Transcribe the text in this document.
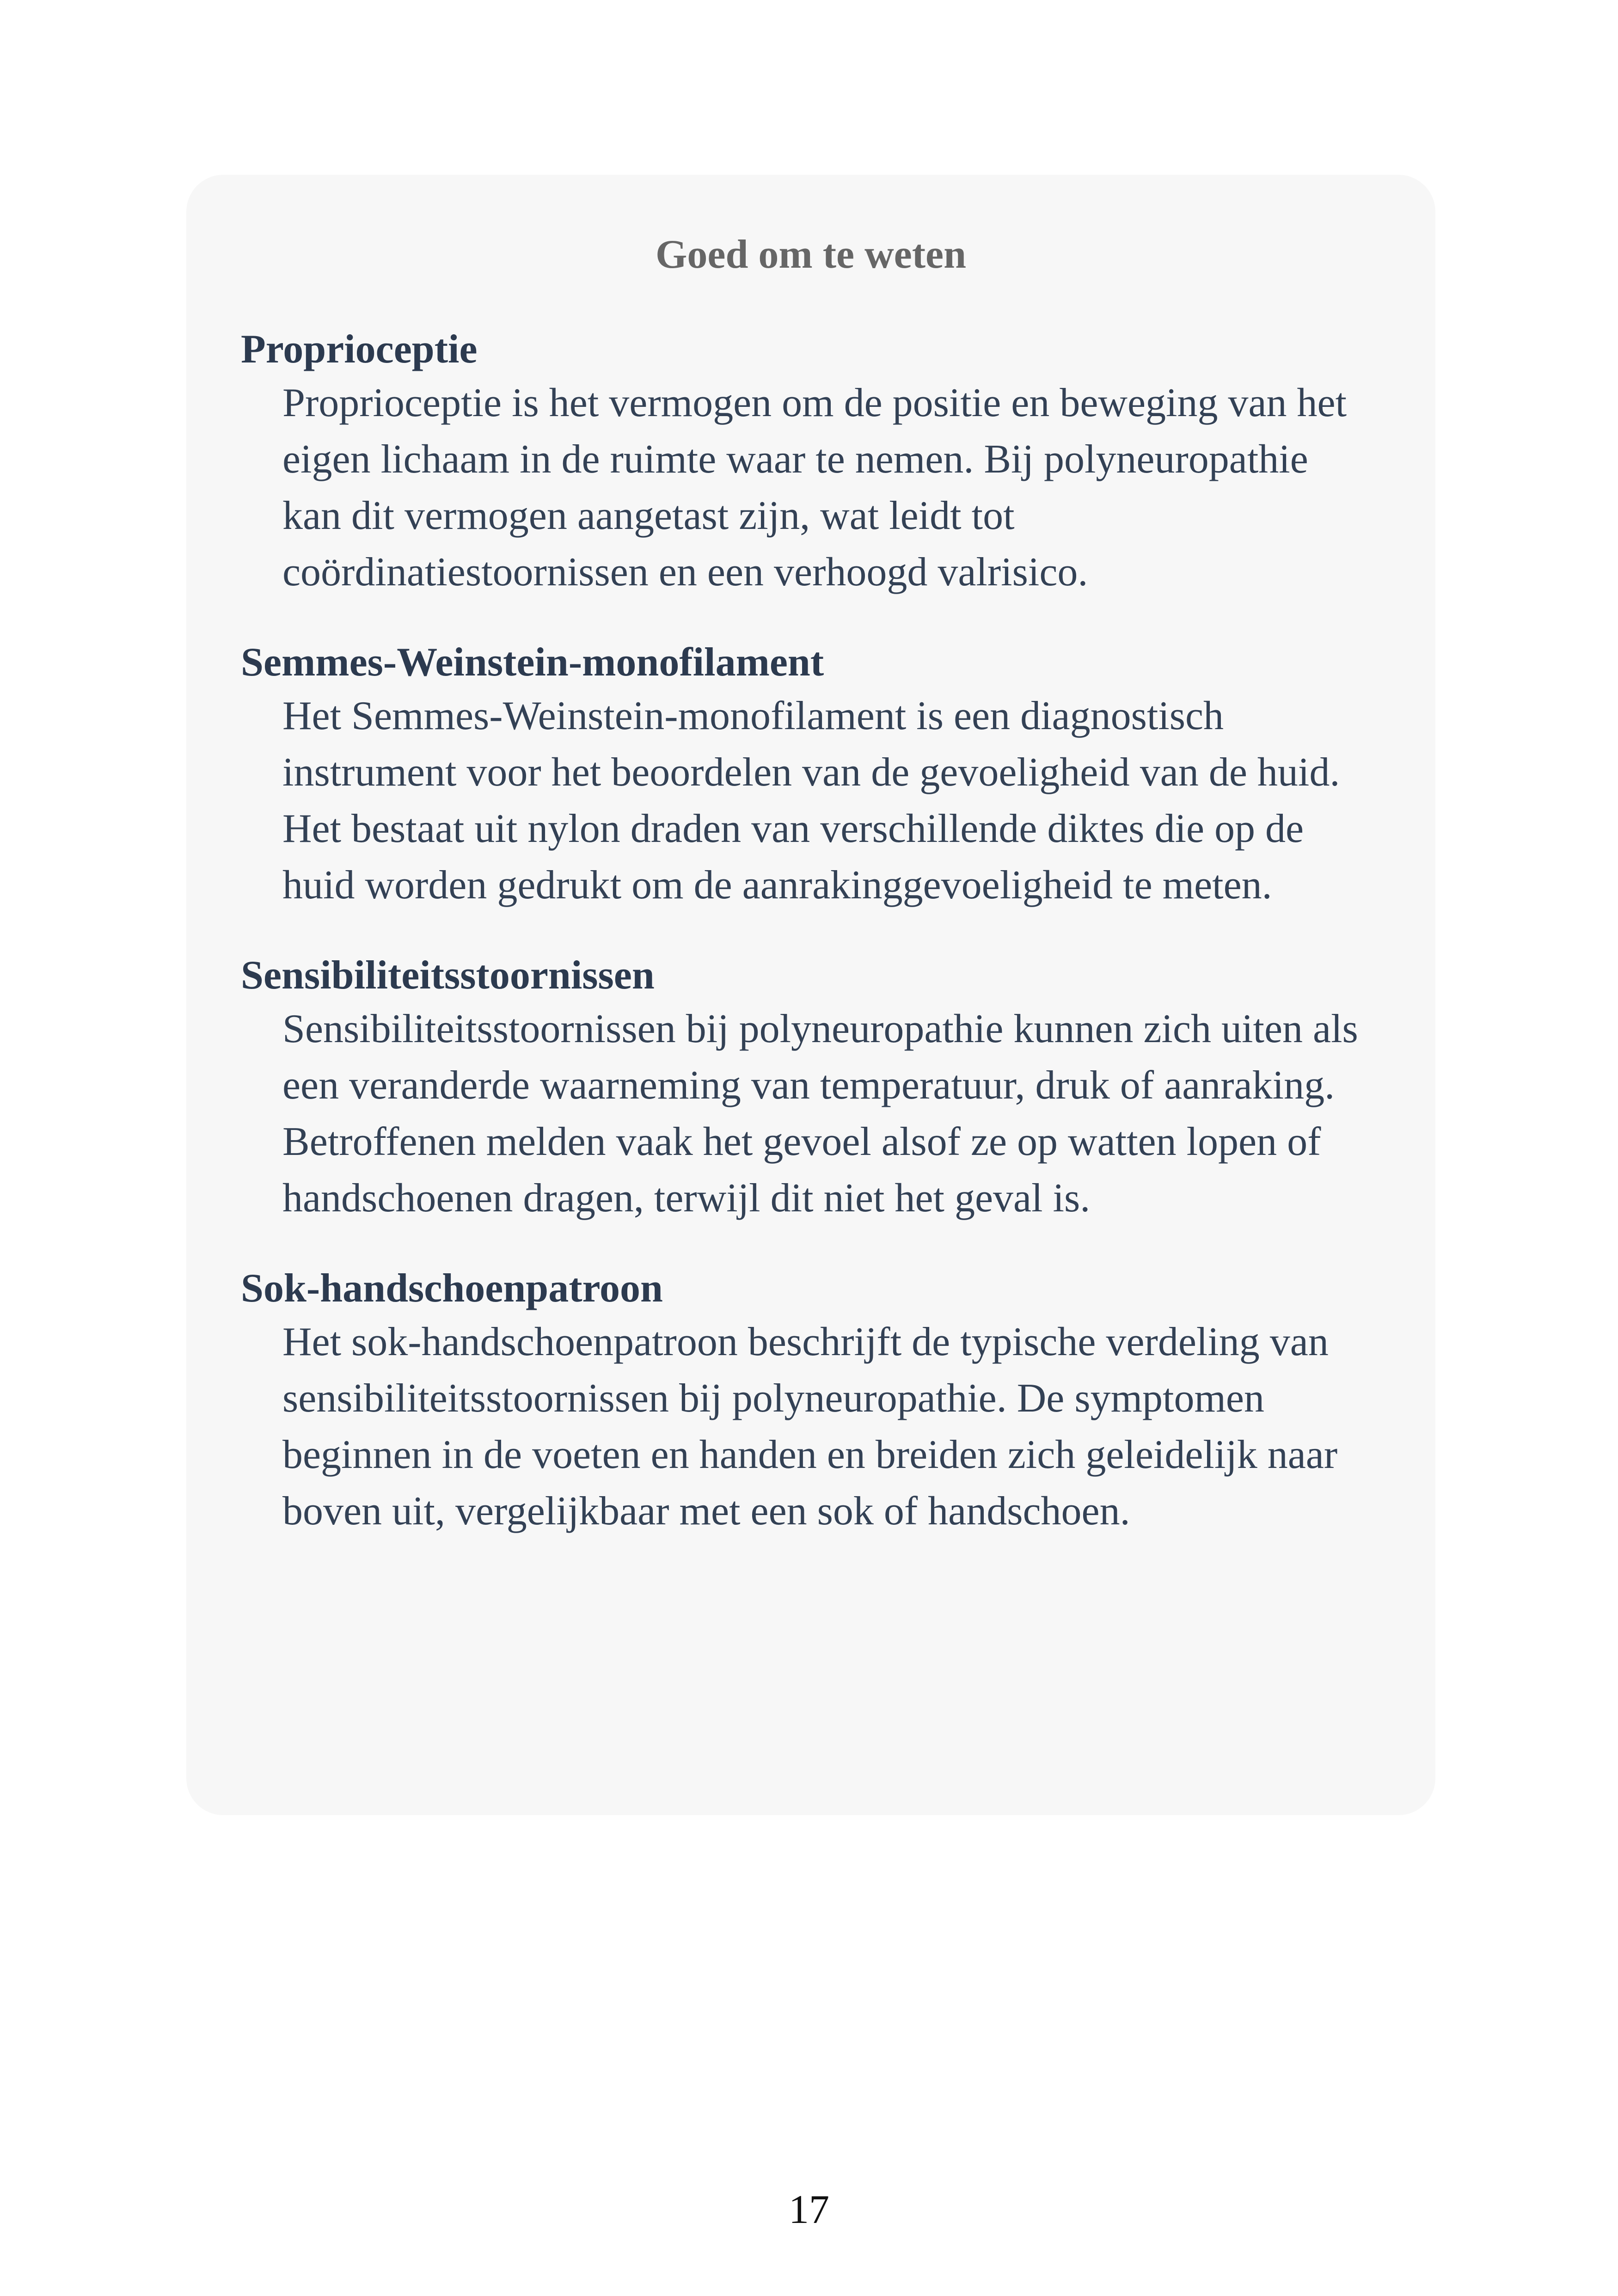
Goed om te weten
Proprioceptie

Proprioceptie is het vermogen om de positie en beweging van het eigen lichaam in de ruimte waar te nemen. Bij polyneuropathie kan dit vermogen aangetast zijn, wat leidt tot coördinatiestoornissen en een verhoogd valrisico.

Semmes-Weinstein-monofilament

Het Semmes-Weinstein-monofilament is een diagnostisch instrument voor het beoordelen van de gevoeligheid van de huid. Het bestaat uit nylon draden van verschillende diktes die op de huid worden gedrukt om de aanrakinggevoeligheid te meten.

Sensibiliteitsstoornissen

Sensibiliteitsstoornissen bij polyneuropathie kunnen zich uiten als een veranderde waarneming van temperatuur, druk of aanraking. Betroffenen melden vaak het gevoel alsof ze op watten lopen of handschoenen dragen, terwijl dit niet het geval is.

Sok-handschoenpatroon

Het sok-handschoenpatroon beschrijft de typische verdeling van sensibiliteitsstoornissen bij polyneuropathie. De symptomen beginnen in de voeten en handen en breiden zich geleidelijk naar boven uit, vergelijkbaar met een sok of handschoen.

17
